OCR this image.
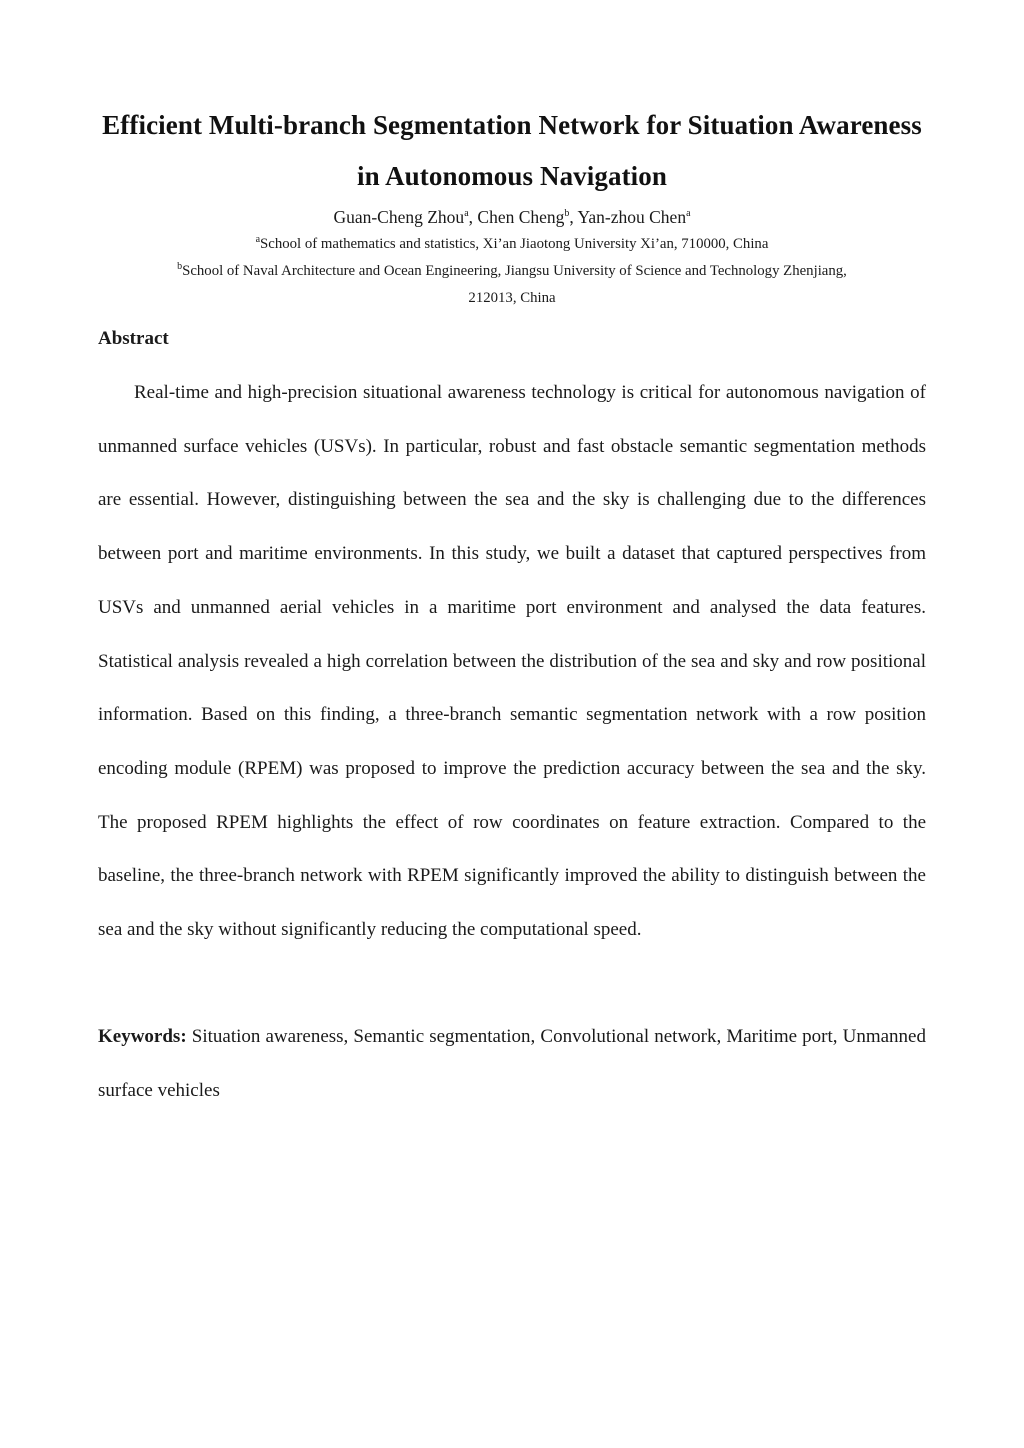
Efficient Multi-branch Segmentation Network for Situation Awareness
in Autonomous Navigation
Guan-Cheng Zhou$^a$, Chen Cheng$^b$, Yan-zhou Chen$^a$
$^a$School of mathematics and statistics, Xi’an Jiaotong University Xi’an, 710000, China
$^b$School of Naval Architecture and Ocean Engineering, Jiangsu University of Science and Technology Zhenjiang,
212013, China
Abstract

Real-time and high-precision situational awareness technology is critical for autonomous navigation of unmanned surface vehicles (USVs). In particular, robust and fast obstacle semantic segmentation methods are essential. However, distinguishing between the sea and the sky is challenging due to the differences between port and maritime environments. In this study, we built a dataset that captured perspectives from USVs and unmanned aerial vehicles in a maritime port environment and analysed the data features. Statistical analysis revealed a high correlation between the distribution of the sea and sky and row positional information. Based on this finding, a three-branch semantic segmentation network with a row position encoding module (RPEM) was proposed to improve the prediction accuracy between the sea and the sky. The proposed RPEM highlights the effect of row coordinates on feature extraction. Compared to the baseline, the three-branch network with RPEM significantly improved the ability to distinguish between the sea and the sky without significantly reducing the computational speed.

Keywords: Situation awareness, Semantic segmentation, Convolutional network, Maritime port, Unmanned surface vehicles
